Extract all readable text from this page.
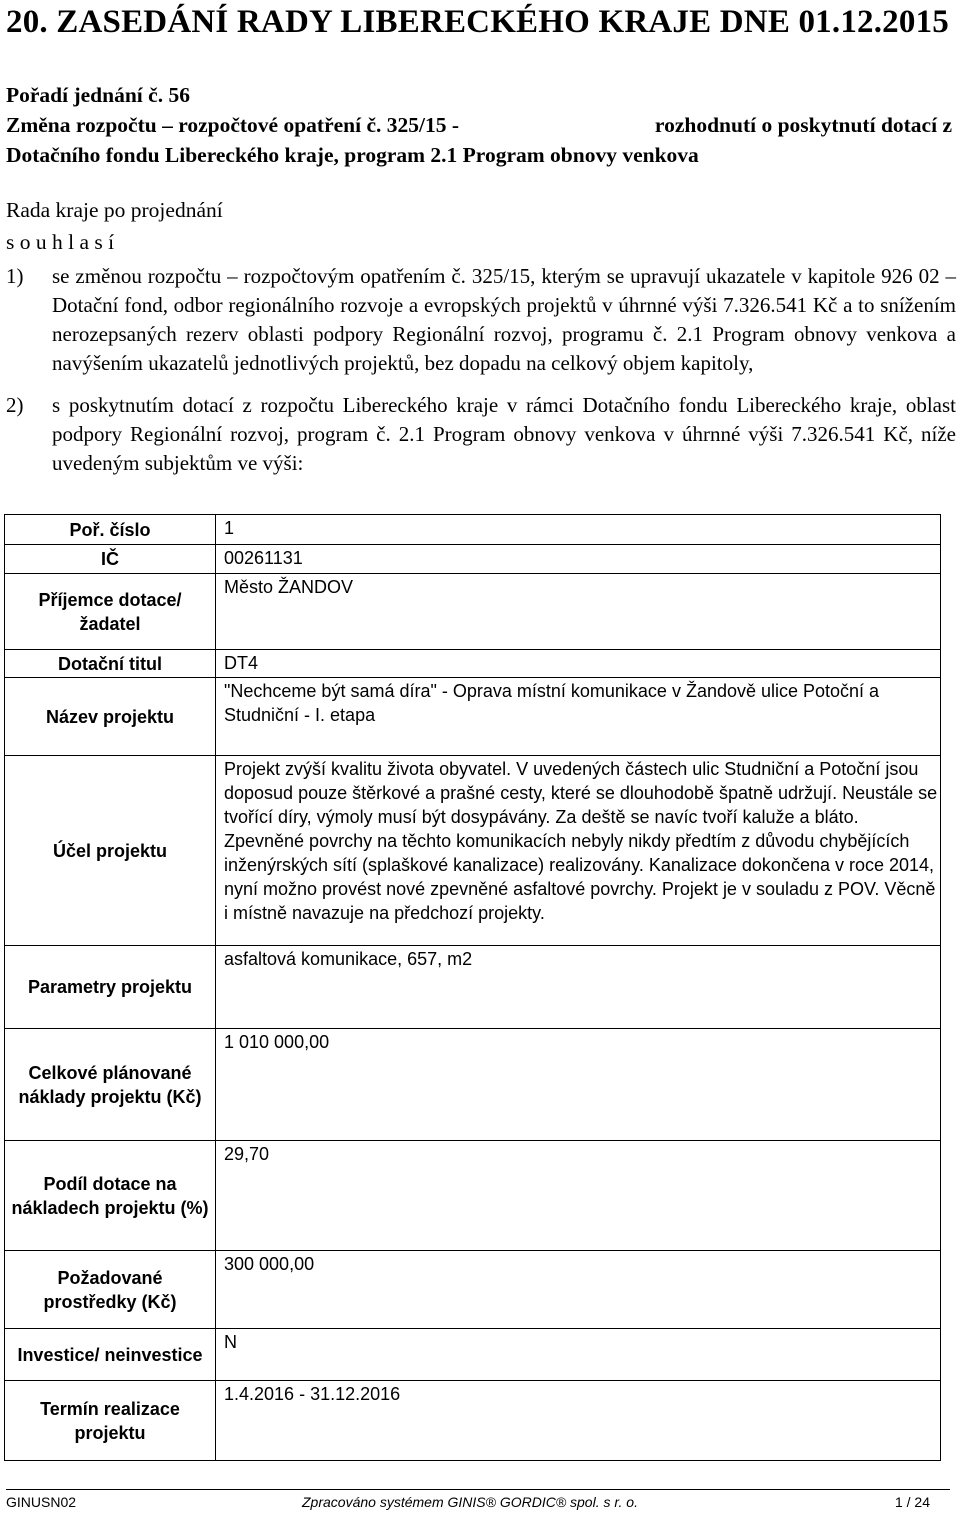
20. ZASEDÁNÍ RADY LIBERECKÉHO KRAJE DNE 01.12.2015
Pořadí jednání č. 56
Změna rozpočtu – rozpočtové opatření č. 325/15 -	rozhodnutí o poskytnutí dotací z
Dotačního fondu Libereckého kraje, program 2.1 Program obnovy venkova
Rada kraje po projednání
s o u h l a s í
1)	se změnou rozpočtu – rozpočtovým opatřením č. 325/15, kterým se upravují ukazatele v kapitole 926 02 – Dotační fond, odbor regionálního rozvoje a evropských projektů v úhrnné výši 7.326.541 Kč a to snížením nerozepsaných rezerv oblasti podpory Regionální rozvoj, programu č. 2.1 Program obnovy venkova a navýšením ukazatelů jednotlivých projektů, bez dopadu na celkový objem kapitoly,
2)	s poskytnutím dotací z rozpočtu Libereckého kraje v rámci Dotačního fondu Libereckého kraje, oblast podpory Regionální rozvoj, program č. 2.1 Program obnovy venkova v úhrnné výši 7.326.541 Kč, níže uvedeným subjektům ve výši:
Poř. číslo	1
IČ	00261131
Příjemce dotace/ žadatel	Město ŽANDOV
Dotační titul	DT4
Název projektu	"Nechceme být samá díra" - Oprava místní komunikace v Žandově ulice Potoční a Studniční - I. etapa
Účel projektu	Projekt zvýší kvalitu života obyvatel. V uvedených částech ulic Studniční a Potoční jsou doposud pouze štěrkové a prašné cesty, které se dlouhodobě špatně udržují. Neustále se tvořící díry, výmoly musí být dosypávány. Za deště se navíc tvoří kaluže a bláto. Zpevněné povrchy na těchto komunikacích nebyly nikdy předtím z důvodu chybějících inženýrských sítí (splaškové kanalizace) realizovány. Kanalizace dokončena v roce 2014, nyní možno provést nové zpevněné asfaltové povrchy. Projekt je v souladu z POV. Věcně i místně navazuje na předchozí projekty.
Parametry projektu	asfaltová komunikace, 657, m2
Celkové plánované náklady projektu (Kč)	1 010 000,00
Podíl dotace na nákladech projektu (%)	29,70
Požadované prostředky (Kč)	300 000,00
Investice/ neinvestice	N
Termín realizace projektu	1.4.2016 - 31.12.2016
GINUSN02	Zpracováno systémem GINIS® GORDIC® spol. s r. o.	1 / 24
